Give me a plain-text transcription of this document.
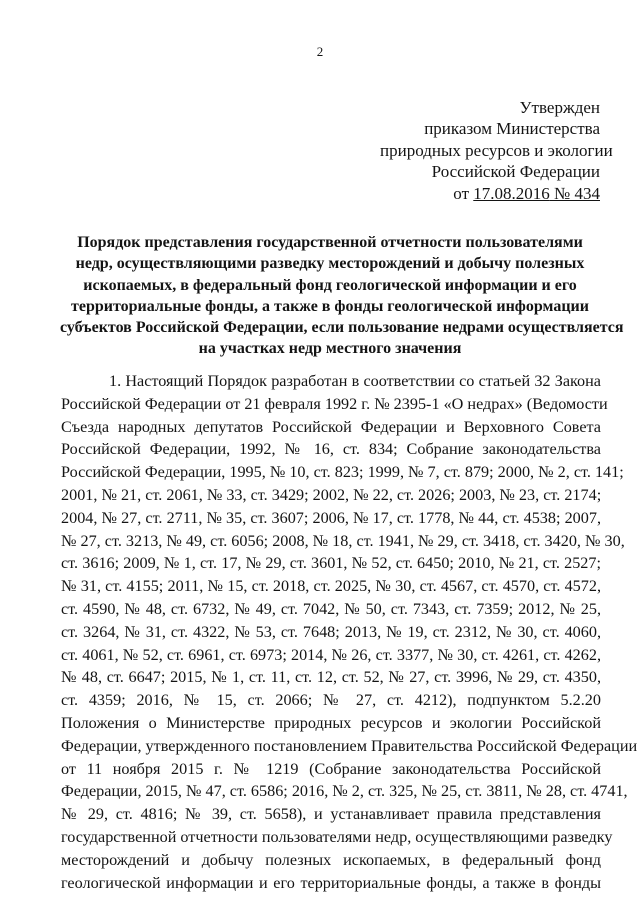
2
Утвержден
приказом Министерства
природных ресурсов и экологии
Российской Федерации
от 17.08.2016 № 434
Порядок представления государственной отчетности пользователями
недр, осуществляющими разведку месторождений и добычу полезных
ископаемых, в федеральный фонд геологической информации и его
территориальные фонды, а также в фонды геологической информации
субъектов Российской Федерации, если пользование недрами осуществляется
на участках недр местного значения
1. Настоящий Порядок разработан в соответствии со статьей 32 Закона
Российской Федерации от 21 февраля 1992 г. № 2395-1 «О недрах» (Ведомости
Съезда народных депутатов Российской Федерации и Верховного Совета
Российской Федерации, 1992, № 16, ст. 834; Собрание законодательства
Российской Федерации, 1995, № 10, ст. 823; 1999, № 7, ст. 879; 2000, № 2, ст. 141;
2001, № 21, ст. 2061, № 33, ст. 3429; 2002, № 22, ст. 2026; 2003, № 23, ст. 2174;
2004, № 27, ст. 2711, № 35, ст. 3607; 2006, № 17, ст. 1778, № 44, ст. 4538; 2007,
№ 27, ст. 3213, № 49, ст. 6056; 2008, № 18, ст. 1941, № 29, ст. 3418, ст. 3420, № 30,
ст. 3616; 2009, № 1, ст. 17, № 29, ст. 3601, № 52, ст. 6450; 2010, № 21, ст. 2527;
№ 31, ст. 4155; 2011, № 15, ст. 2018, ст. 2025, № 30, ст. 4567, ст. 4570, ст. 4572,
ст. 4590, № 48, ст. 6732, № 49, ст. 7042, № 50, ст. 7343, ст. 7359; 2012, № 25,
ст. 3264, № 31, ст. 4322, № 53, ст. 7648; 2013, № 19, ст. 2312, № 30, ст. 4060,
ст. 4061, № 52, ст. 6961, ст. 6973; 2014, № 26, ст. 3377, № 30, ст. 4261, ст. 4262,
№ 48, ст. 6647; 2015, № 1, ст. 11, ст. 12, ст. 52, № 27, ст. 3996, № 29, ст. 4350,
ст. 4359; 2016, № 15, ст. 2066; № 27, ст. 4212), подпунктом 5.2.20
Положения о Министерстве природных ресурсов и экологии Российской
Федерации, утвержденного постановлением Правительства Российской Федерации
от 11 ноября 2015 г. № 1219 (Собрание законодательства Российской
Федерации, 2015, № 47, ст. 6586; 2016, № 2, ст. 325, № 25, ст. 3811, № 28, ст. 4741,
№ 29, ст. 4816; № 39, ст. 5658), и устанавливает правила представления
государственной отчетности пользователями недр, осуществляющими разведку
месторождений и добычу полезных ископаемых, в федеральный фонд
геологической информации и его территориальные фонды, а также в фонды
